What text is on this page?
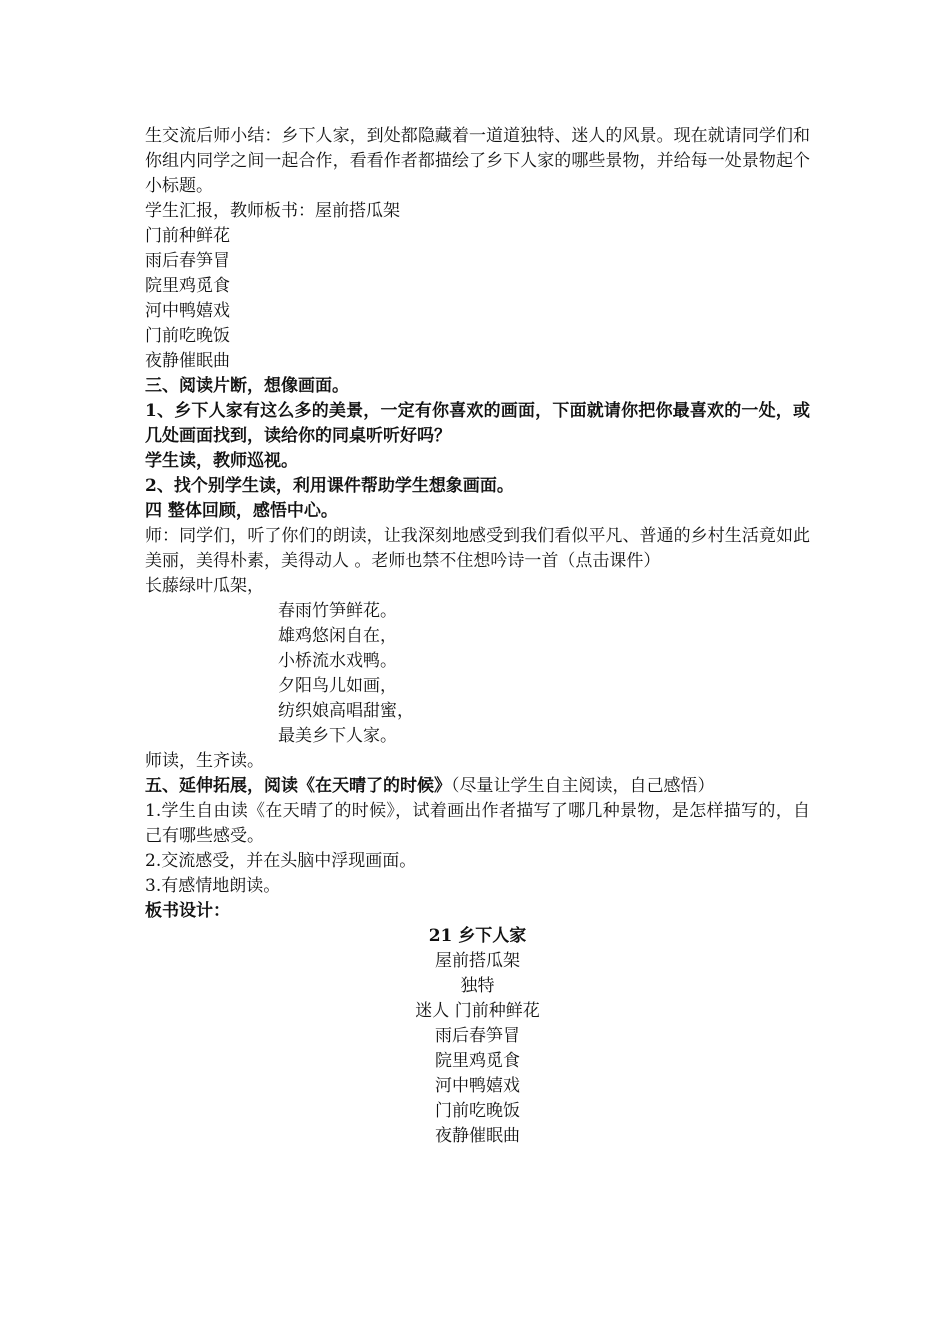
生交流后师小结：乡下人家，到处都隐藏着一道道独特、迷人的风景。现在就请同学们和你组内同学之间一起合作，看看作者都描绘了乡下人家的哪些景物，并给每一处景物起个小标题。

学生汇报，教师板书：屋前搭瓜架

门前种鲜花

雨后春笋冒

院里鸡觅食

河中鸭嬉戏

门前吃晚饭

夜静催眠曲

三、阅读片断，想像画面。

1、乡下人家有这么多的美景，一定有你喜欢的画面，下面就请你把你最喜欢的一处，或几处画面找到，读给你的同桌听听好吗？

学生读，教师巡视。

2、找个别学生读，利用课件帮助学生想象画面。

四 整体回顾，感悟中心。

师：同学们，听了你们的朗读，让我深刻地感受到我们看似平凡、普通的乡村生活竟如此美丽，美得朴素，美得动人 。老师也禁不住想吟诗一首（点击课件）

长藤绿叶瓜架，

春雨竹笋鲜花。

雄鸡悠闲自在，

小桥流水戏鸭。

夕阳鸟儿如画，

纺织娘高唱甜蜜，

最美乡下人家。

师读，生齐读。

五、延伸拓展，阅读《在天晴了的时候》（尽量让学生自主阅读，自己感悟）

1.学生自由读《在天晴了的时候》，试着画出作者描写了哪几种景物，是怎样描写的，自己有哪些感受。

2.交流感受，并在头脑中浮现画面。

3.有感情地朗读。

板书设计：

21 乡下人家

屋前搭瓜架

独特

迷人 门前种鲜花

雨后春笋冒

院里鸡觅食

河中鸭嬉戏

门前吃晚饭

夜静催眠曲
